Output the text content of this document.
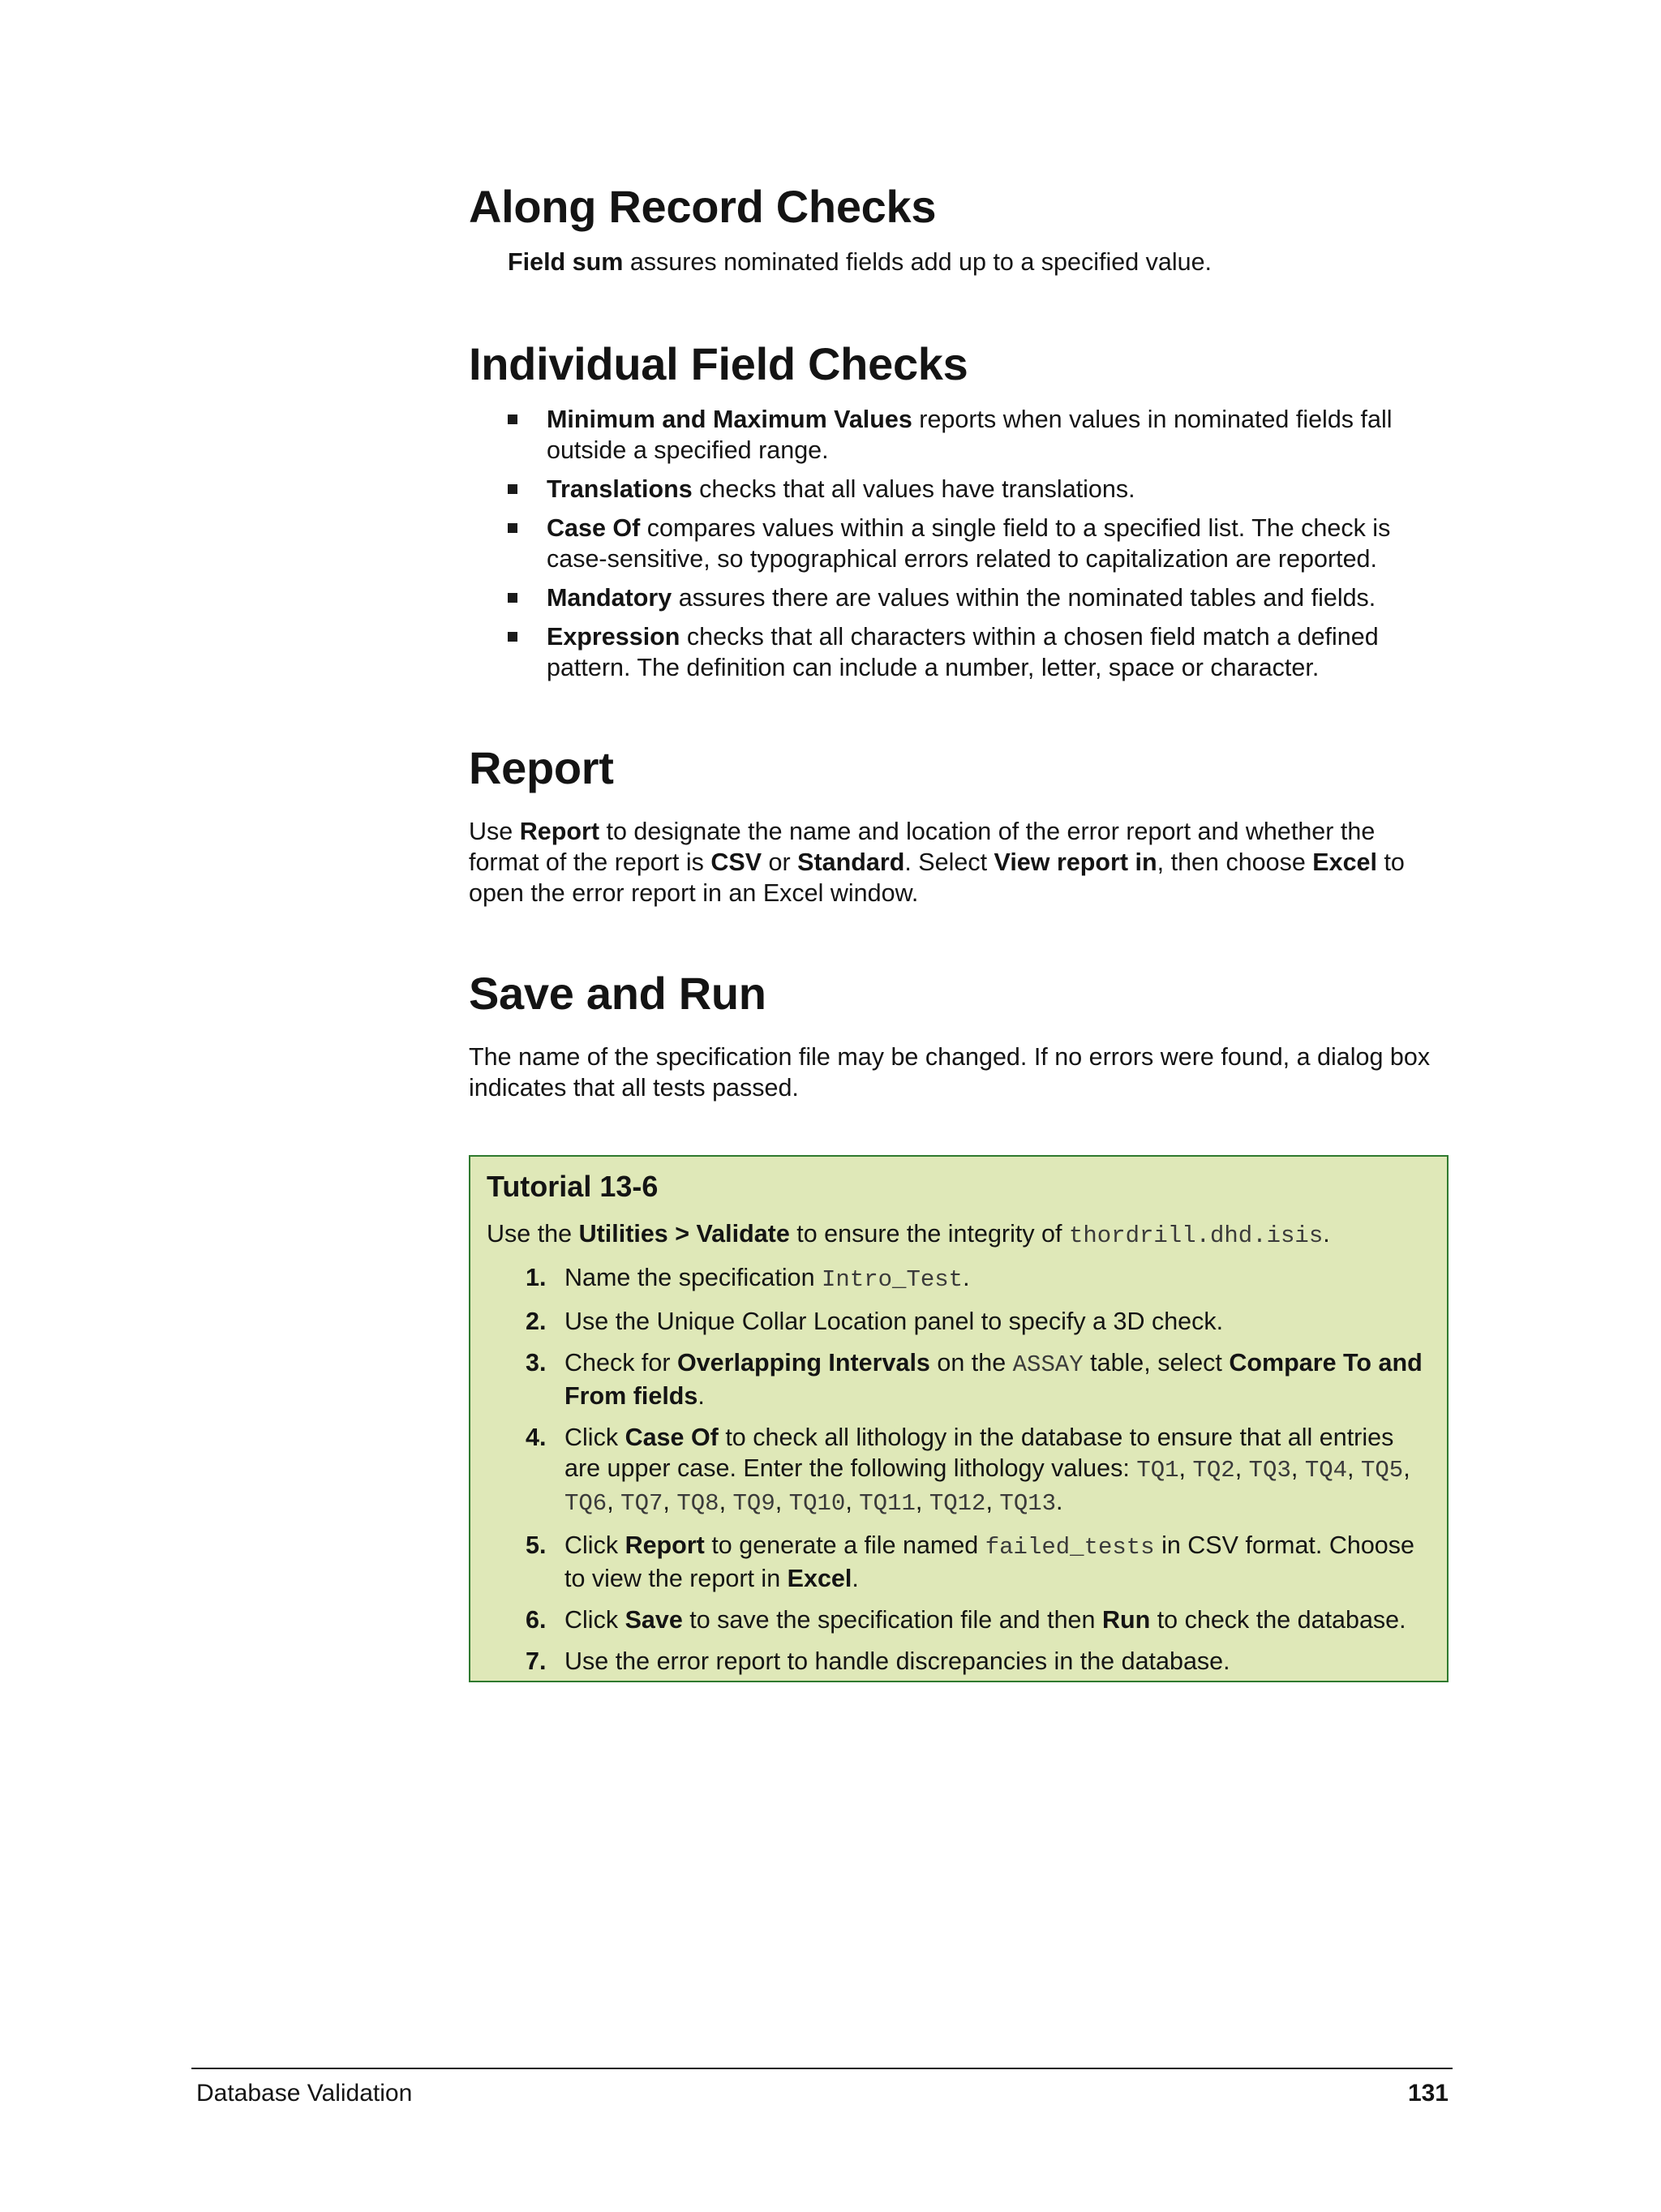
Along Record Checks
Field sum assures nominated fields add up to a specified value.
Individual Field Checks
Minimum and Maximum Values reports when values in nominated fields fall outside a specified range.
Translations checks that all values have translations.
Case Of compares values within a single field to a specified list. The check is case-sensitive, so typographical errors related to capitalization are reported.
Mandatory assures there are values within the nominated tables and fields.
Expression checks that all characters within a chosen field match a defined pattern. The definition can include a number, letter, space or character.
Report
Use Report to designate the name and location of the error report and whether the format of the report is CSV or Standard. Select View report in, then choose Excel to open the error report in an Excel window.
Save and Run
The name of the specification file may be changed. If no errors were found, a dialog box indicates that all tests passed.
Tutorial 13-6
Use the Utilities > Validate to ensure the integrity of thordrill.dhd.isis.
1. Name the specification Intro_Test.
2. Use the Unique Collar Location panel to specify a 3D check.
3. Check for Overlapping Intervals on the ASSAY table, select Compare To and From fields.
4. Click Case Of to check all lithology in the database to ensure that all entries are upper case. Enter the following lithology values: TQ1, TQ2, TQ3, TQ4, TQ5, TQ6, TQ7, TQ8, TQ9, TQ10, TQ11, TQ12, TQ13.
5. Click Report to generate a file named failed_tests in CSV format. Choose to view the report in Excel.
6. Click Save to save the specification file and then Run to check the database.
7. Use the error report to handle discrepancies in the database.
Database Validation	131
